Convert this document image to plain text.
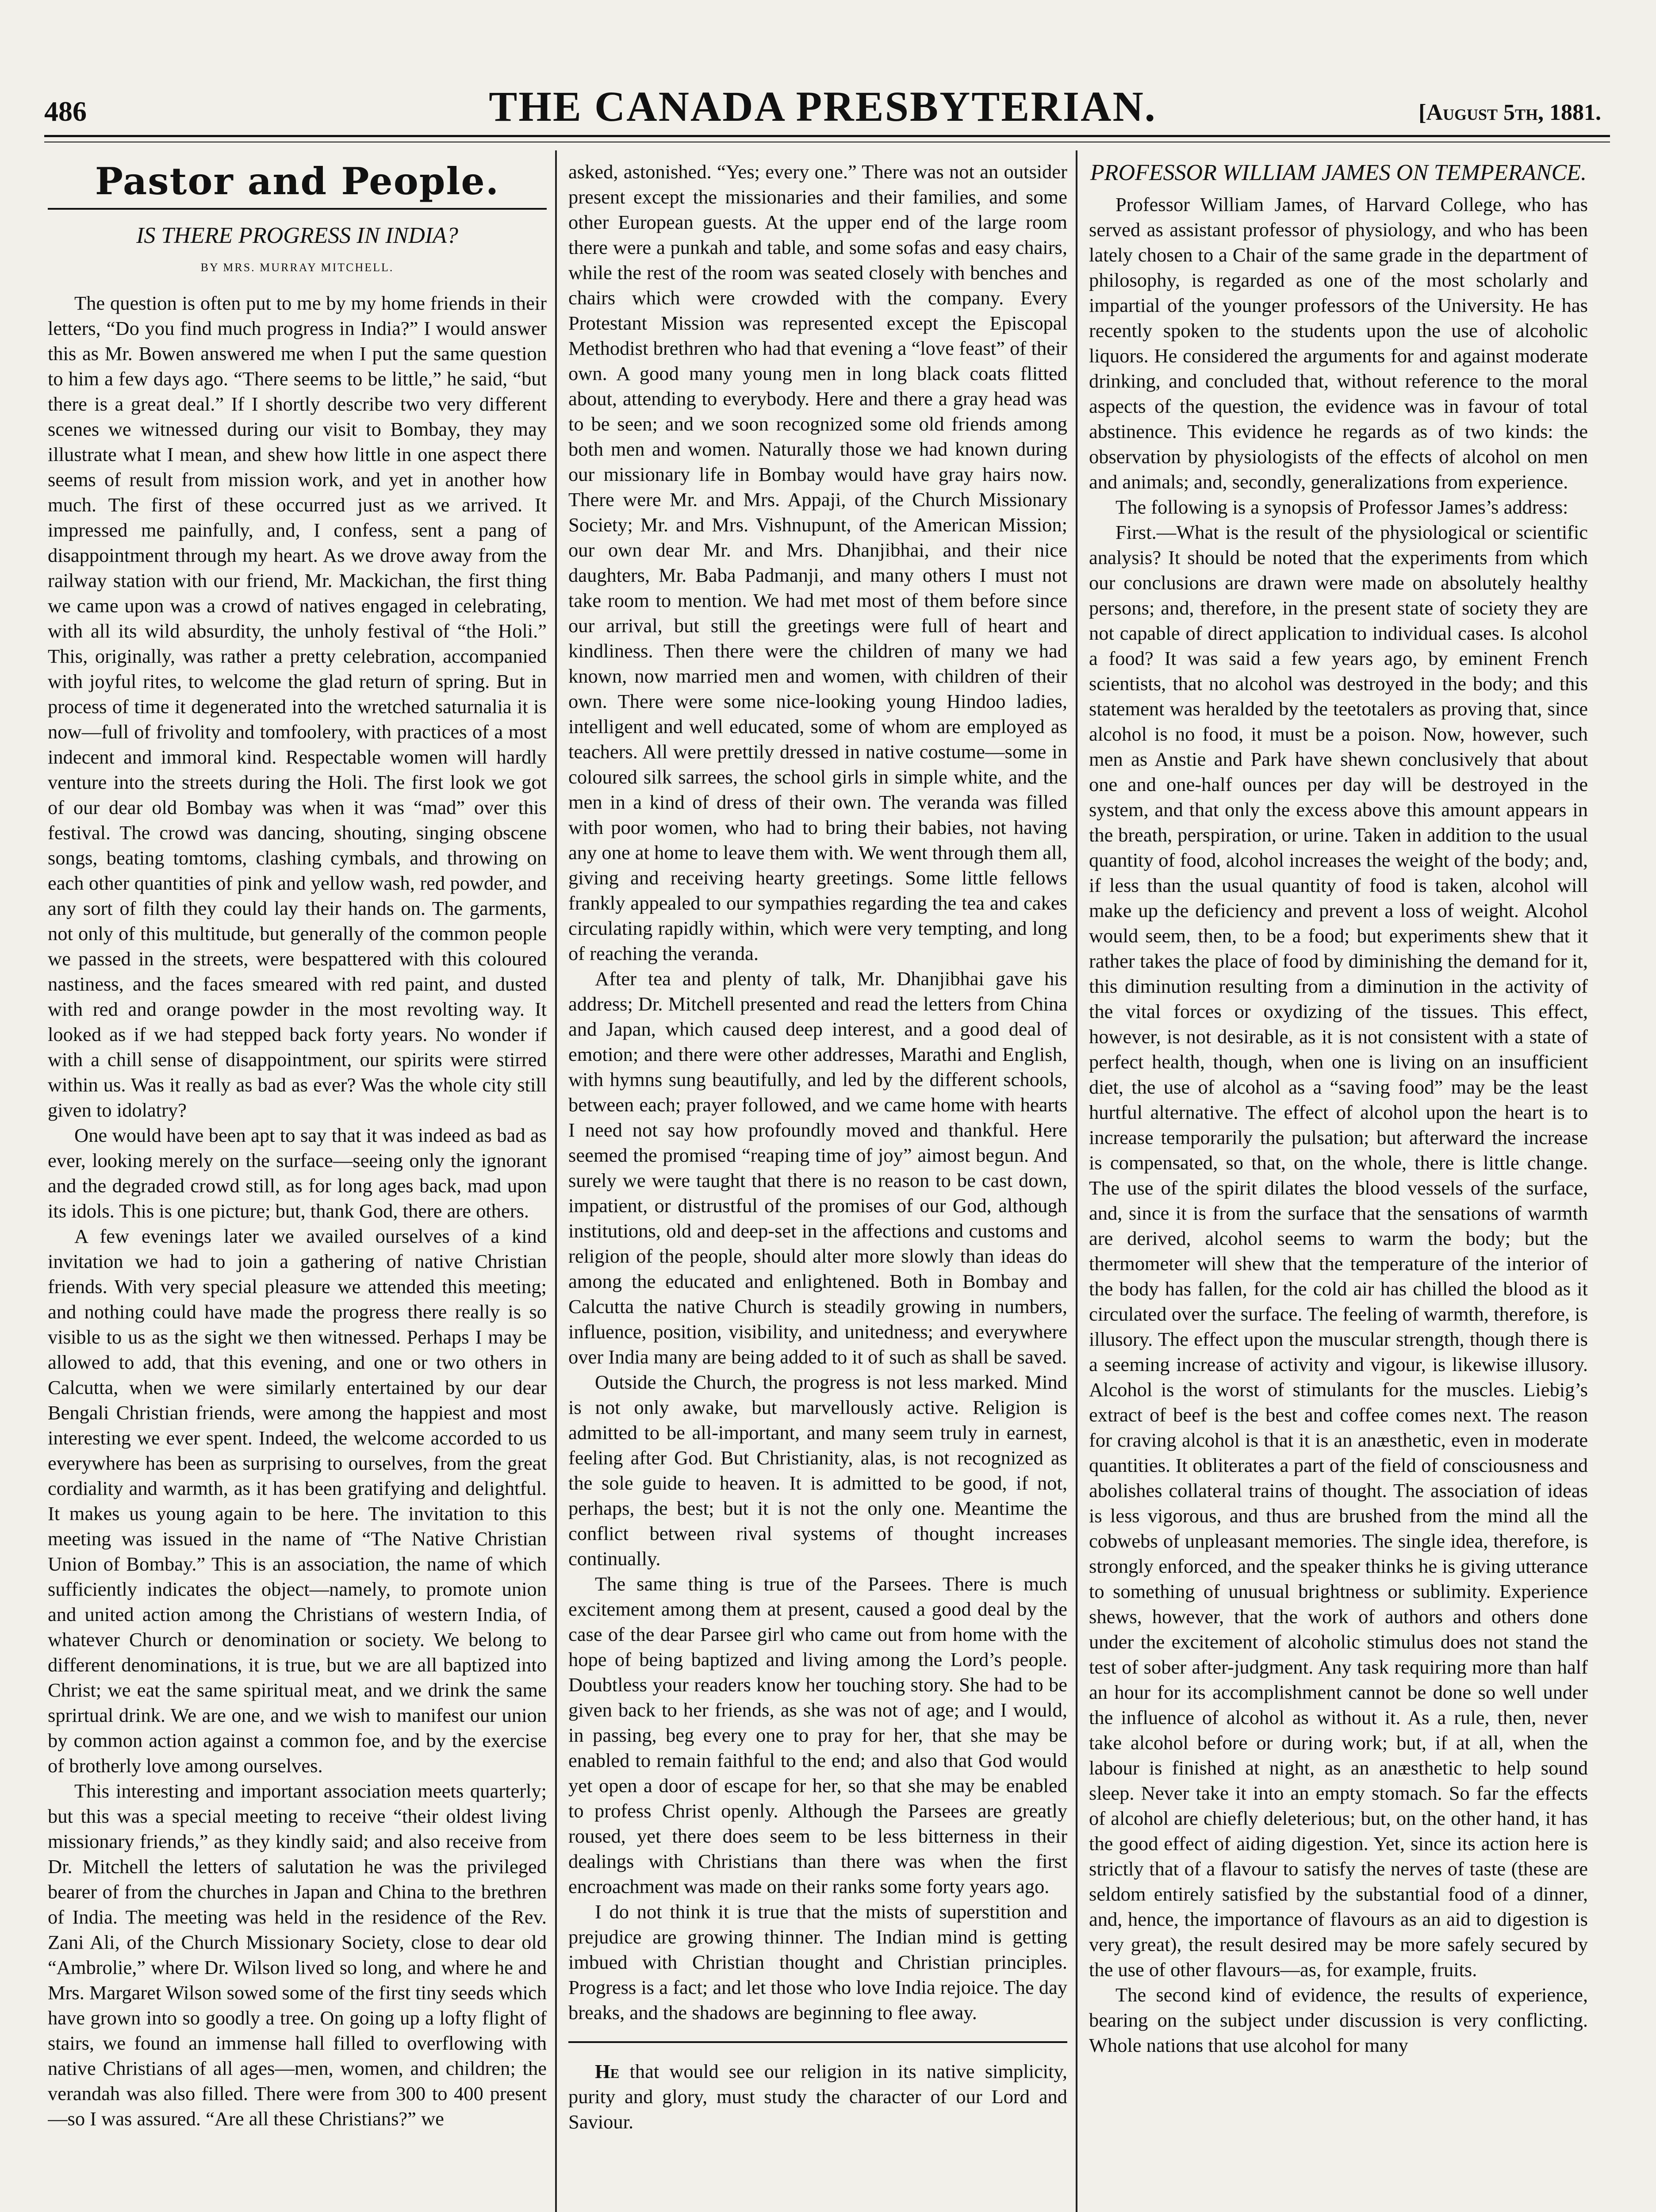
486	THE CANADA PRESBYTERIAN.	[August 5th, 1881.
Pastor and People.
IS THERE PROGRESS IN INDIA?
BY MRS. MURRAY MITCHELL.

The question is often put to me by my home friends in their letters, “Do you find much progress in India?” I would answer this as Mr. Bowen answered me when I put the same question to him a few days ago. “There seems to be little,” he said, “but there is a great deal.” If I shortly describe two very different scenes we witnessed during our visit to Bombay, they may illustrate what I mean, and shew how little in one aspect there seems of result from mission work, and yet in another how much. The first of these occurred just as we arrived. It impressed me painfully, and, I confess, sent a pang of disappointment through my heart. As we drove away from the railway station with our friend, Mr. Mackichan, the first thing we came upon was a crowd of natives engaged in celebrating, with all its wild absurdity, the unholy festival of “the Holi.” This, originally, was rather a pretty celebration, accompanied with joyful rites, to welcome the glad return of spring. But in process of time it degenerated into the wretched saturnalia it is now—full of frivolity and tomfoolery, with practices of a most indecent and immoral kind. Respectable women will hardly venture into the streets during the Holi. The first look we got of our dear old Bombay was when it was “mad” over this festival. The crowd was dancing, shouting, singing obscene songs, beating tomtoms, clashing cymbals, and throwing on each other quantities of pink and yellow wash, red powder, and any sort of filth they could lay their hands on. The garments, not only of this multitude, but generally of the common people we passed in the streets, were bespattered with this coloured nastiness, and the faces smeared with red paint, and dusted with red and orange powder in the most revolting way. It looked as if we had stepped back forty years. No wonder if with a chill sense of disappointment, our spirits were stirred within us. Was it really as bad as ever? Was the whole city still given to idolatry?

One would have been apt to say that it was indeed as bad as ever, looking merely on the surface—seeing only the ignorant and the degraded crowd still, as for long ages back, mad upon its idols. This is one picture; but, thank God, there are others.

A few evenings later we availed ourselves of a kind invitation we had to join a gathering of native Christian friends. With very special pleasure we attended this meeting; and nothing could have made the progress there really is so visible to us as the sight we then witnessed. Perhaps I may be allowed to add, that this evening, and one or two others in Calcutta, when we were similarly entertained by our dear Bengali Christian friends, were among the happiest and most interesting we ever spent. Indeed, the welcome accorded to us everywhere has been as surprising to ourselves, from the great cordiality and warmth, as it has been gratifying and delightful. It makes us young again to be here. The invitation to this meeting was issued in the name of “The Native Christian Union of Bombay.” This is an association, the name of which sufficiently indicates the object—namely, to promote union and united action among the Christians of western India, of whatever Church or denomination or society. We belong to different denominations, it is true, but we are all baptized into Christ; we eat the same spiritual meat, and we drink the same sprirtual drink. We are one, and we wish to manifest our union by common action against a common foe, and by the exercise of brotherly love among ourselves.

This interesting and important association meets quarterly; but this was a special meeting to receive “their oldest living missionary friends,” as they kindly said; and also receive from Dr. Mitchell the letters of salutation he was the privileged bearer of from the churches in Japan and China to the brethren of India. The meeting was held in the residence of the Rev. Zani Ali, of the Church Missionary Society, close to dear old “Ambrolie,” where Dr. Wilson lived so long, and where he and Mrs. Margaret Wilson sowed some of the first tiny seeds which have grown into so goodly a tree. On going up a lofty flight of stairs, we found an immense hall filled to overflowing with native Christians of all ages—men, women, and children; the verandah was also filled. There were from 300 to 400 present—so I was assured. “Are all these Christians?” we

asked, astonished. “Yes; every one.” There was not an outsider present except the missionaries and their families, and some other European guests. At the upper end of the large room there were a punkah and table, and some sofas and easy chairs, while the rest of the room was seated closely with benches and chairs which were crowded with the company. Every Protestant Mission was represented except the Episcopal Methodist brethren who had that evening a “love feast” of their own. A good many young men in long black coats flitted about, attending to everybody. Here and there a gray head was to be seen; and we soon recognized some old friends among both men and women. Naturally those we had known during our missionary life in Bombay would have gray hairs now. There were Mr. and Mrs. Appaji, of the Church Missionary Society; Mr. and Mrs. Vishnupunt, of the American Mission; our own dear Mr. and Mrs. Dhanjibhai, and their nice daughters, Mr. Baba Padmanji, and many others I must not take room to mention. We had met most of them before since our arrival, but still the greetings were full of heart and kindliness. Then there were the children of many we had known, now married men and women, with children of their own. There were some nice-looking young Hindoo ladies, intelligent and well educated, some of whom are employed as teachers. All were prettily dressed in native costume—some in coloured silk sarrees, the school girls in simple white, and the men in a kind of dress of their own. The veranda was filled with poor women, who had to bring their babies, not having any one at home to leave them with. We went through them all, giving and receiving hearty greetings. Some little fellows frankly appealed to our sympathies regarding the tea and cakes circulating rapidly within, which were very tempting, and long of reaching the veranda.

After tea and plenty of talk, Mr. Dhanjibhai gave his address; Dr. Mitchell presented and read the letters from China and Japan, which caused deep interest, and a good deal of emotion; and there were other addresses, Marathi and English, with hymns sung beautifully, and led by the different schools, between each; prayer followed, and we came home with hearts I need not say how profoundly moved and thankful. Here seemed the promised “reaping time of joy” aimost begun. And surely we were taught that there is no reason to be cast down, impatient, or distrustful of the promises of our God, although institutions, old and deep-set in the affections and customs and religion of the people, should alter more slowly than ideas do among the educated and enlightened. Both in Bombay and Calcutta the native Church is steadily growing in numbers, influence, position, visibility, and unitedness; and everywhere over India many are being added to it of such as shall be saved.

Outside the Church, the progress is not less marked. Mind is not only awake, but marvellously active. Religion is admitted to be all-important, and many seem truly in earnest, feeling after God. But Christianity, alas, is not recognized as the sole guide to heaven. It is admitted to be good, if not, perhaps, the best; but it is not the only one. Meantime the conflict between rival systems of thought increases continually.

The same thing is true of the Parsees. There is much excitement among them at present, caused a good deal by the case of the dear Parsee girl who came out from home with the hope of being baptized and living among the Lord’s people. Doubtless your readers know her touching story. She had to be given back to her friends, as she was not of age; and I would, in passing, beg every one to pray for her, that she may be enabled to remain faithful to the end; and also that God would yet open a door of escape for her, so that she may be enabled to profess Christ openly. Although the Parsees are greatly roused, yet there does seem to be less bitterness in their dealings with Christians than there was when the first encroachment was made on their ranks some forty years ago.

I do not think it is true that the mists of superstition and prejudice are growing thinner. The Indian mind is getting imbued with Christian thought and Christian principles. Progress is a fact; and let those who love India rejoice. The day breaks, and the shadows are beginning to flee away.

He that would see our religion in its native simplicity, purity and glory, must study the character of our Lord and Saviour.

PROFESSOR WILLIAM JAMES ON TEMPERANCE.

Professor William James, of Harvard College, who has served as assistant professor of physiology, and who has been lately chosen to a Chair of the same grade in the department of philosophy, is regarded as one of the most scholarly and impartial of the younger professors of the University. He has recently spoken to the students upon the use of alcoholic liquors. He considered the arguments for and against moderate drinking, and concluded that, without reference to the moral aspects of the question, the evidence was in favour of total abstinence. This evidence he regards as of two kinds: the observation by physiologists of the effects of alcohol on men and animals; and, secondly, generalizations from experience.

The following is a synopsis of Professor James’s address:

First.—What is the result of the physiological or scientific analysis? It should be noted that the experiments from which our conclusions are drawn were made on absolutely healthy persons; and, therefore, in the present state of society they are not capable of direct application to individual cases. Is alcohol a food? It was said a few years ago, by eminent French scientists, that no alcohol was destroyed in the body; and this statement was heralded by the teetotalers as proving that, since alcohol is no food, it must be a poison. Now, however, such men as Anstie and Park have shewn conclusively that about one and one-half ounces per day will be destroyed in the system, and that only the excess above this amount appears in the breath, perspiration, or urine. Taken in addition to the usual quantity of food, alcohol increases the weight of the body; and, if less than the usual quantity of food is taken, alcohol will make up the deficiency and prevent a loss of weight. Alcohol would seem, then, to be a food; but experiments shew that it rather takes the place of food by diminishing the demand for it, this diminution resulting from a diminution in the activity of the vital forces or oxydizing of the tissues. This effect, however, is not desirable, as it is not consistent with a state of perfect health, though, when one is living on an insufficient diet, the use of alcohol as a “saving food” may be the least hurtful alternative. The effect of alcohol upon the heart is to increase temporarily the pulsation; but afterward the increase is compensated, so that, on the whole, there is little change. The use of the spirit dilates the blood vessels of the surface, and, since it is from the surface that the sensations of warmth are derived, alcohol seems to warm the body; but the thermometer will shew that the temperature of the interior of the body has fallen, for the cold air has chilled the blood as it circulated over the surface. The feeling of warmth, therefore, is illusory. The effect upon the muscular strength, though there is a seeming increase of activity and vigour, is likewise illusory. Alcohol is the worst of stimulants for the muscles. Liebig’s extract of beef is the best and coffee comes next. The reason for craving alcohol is that it is an anæsthetic, even in moderate quantities. It obliterates a part of the field of consciousness and abolishes collateral trains of thought. The association of ideas is less vigorous, and thus are brushed from the mind all the cobwebs of unpleasant memories. The single idea, therefore, is strongly enforced, and the speaker thinks he is giving utterance to something of unusual brightness or sublimity. Experience shews, however, that the work of authors and others done under the excitement of alcoholic stimulus does not stand the test of sober after-judgment. Any task requiring more than half an hour for its accomplishment cannot be done so well under the influence of alcohol as without it. As a rule, then, never take alcohol before or during work; but, if at all, when the labour is finished at night, as an anæsthetic to help sound sleep. Never take it into an empty stomach. So far the effects of alcohol are chiefly deleterious; but, on the other hand, it has the good effect of aiding digestion. Yet, since its action here is strictly that of a flavour to satisfy the nerves of taste (these are seldom entirely satisfied by the substantial food of a dinner, and, hence, the importance of flavours as an aid to digestion is very great), the result desired may be more safely secured by the use of other flavours—as, for example, fruits.

The second kind of evidence, the results of experience, bearing on the subject under discussion is very conflicting. Whole nations that use alcohol for many
